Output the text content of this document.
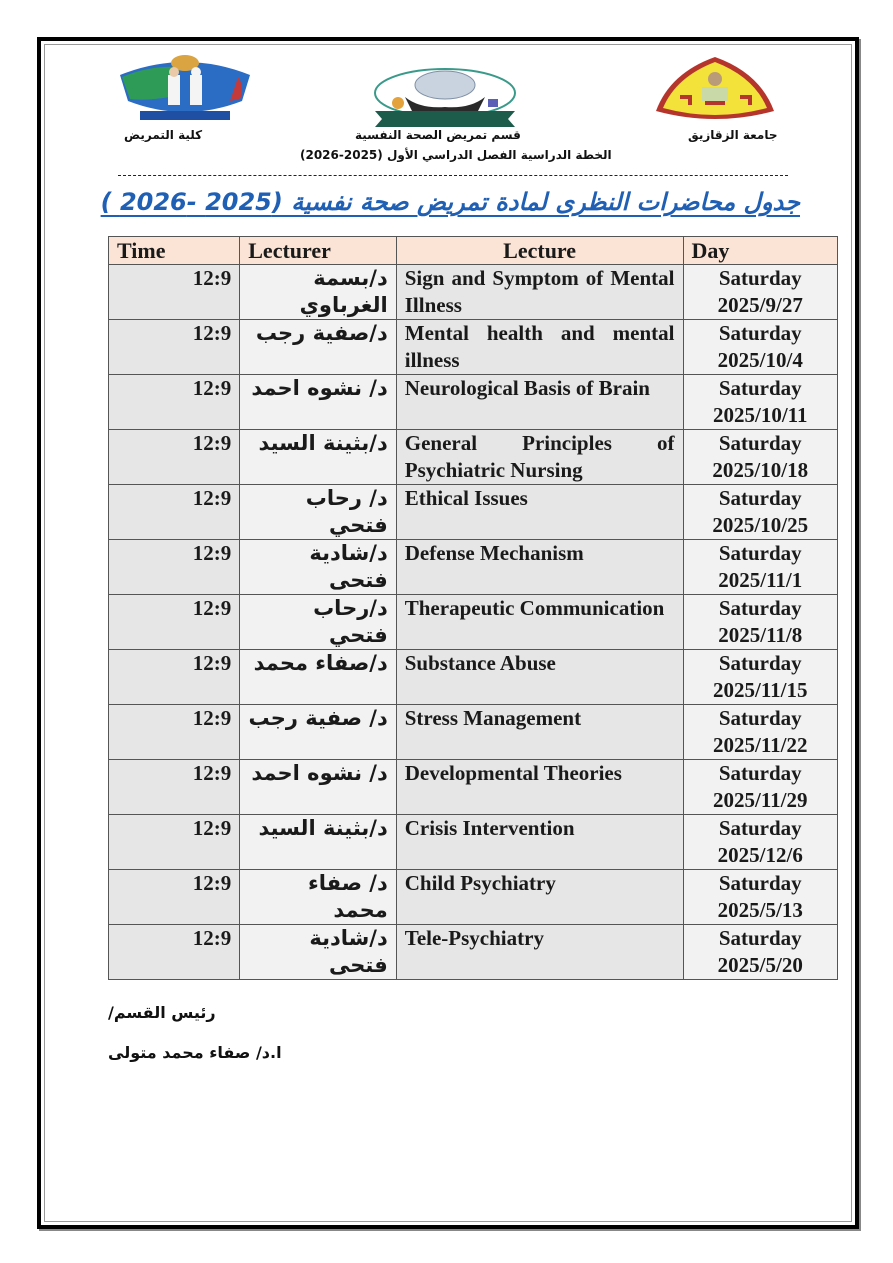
كلية التمريض	قسم تمريض الصحة النفسية
الخطة الدراسية الفصل الدراسي الأول (2025-2026)
جامعة الزقازيق
جدول محاضرات النظرى لمادة تمريض صحة نفسية (2025 -2026 )
Time	Lecturer	Lecture	Day
12:9	د/بسمة الغرباوي	Sign and Symptom of Mental Illness	Saturday
2025/9/27

12:9	د/صفية رجب	Mental health and mental illness	Saturday
2025/10/4

12:9	د/ نشوه احمد	Neurological Basis of Brain	Saturday
2025/10/11

12:9	د/بثينة السيد	General Principles of Psychiatric Nursing	Saturday
2025/10/18

12:9	د/ رحاب فتحي	Ethical Issues	Saturday
2025/10/25

12:9	د/شادية فتحى	Defense Mechanism	Saturday
2025/11/1

12:9	د/رحاب فتحي	Therapeutic Communication	Saturday
2025/11/8

12:9	د/صفاء محمد	Substance Abuse	Saturday
2025/11/15

12:9	د/ صفية رجب	Stress Management	Saturday
2025/11/22

12:9	د/ نشوه احمد	Developmental Theories	Saturday
2025/11/29

12:9	د/بثينة السيد	Crisis Intervention	Saturday
2025/12/6

12:9	د/ صفاء محمد	Child Psychiatry	Saturday
2025/5/13

12:9	د/شادية فتحى	Tele-Psychiatry	Saturday
2025/5/20
رئيس القسم/
ا.د/ صفاء محمد متولى
